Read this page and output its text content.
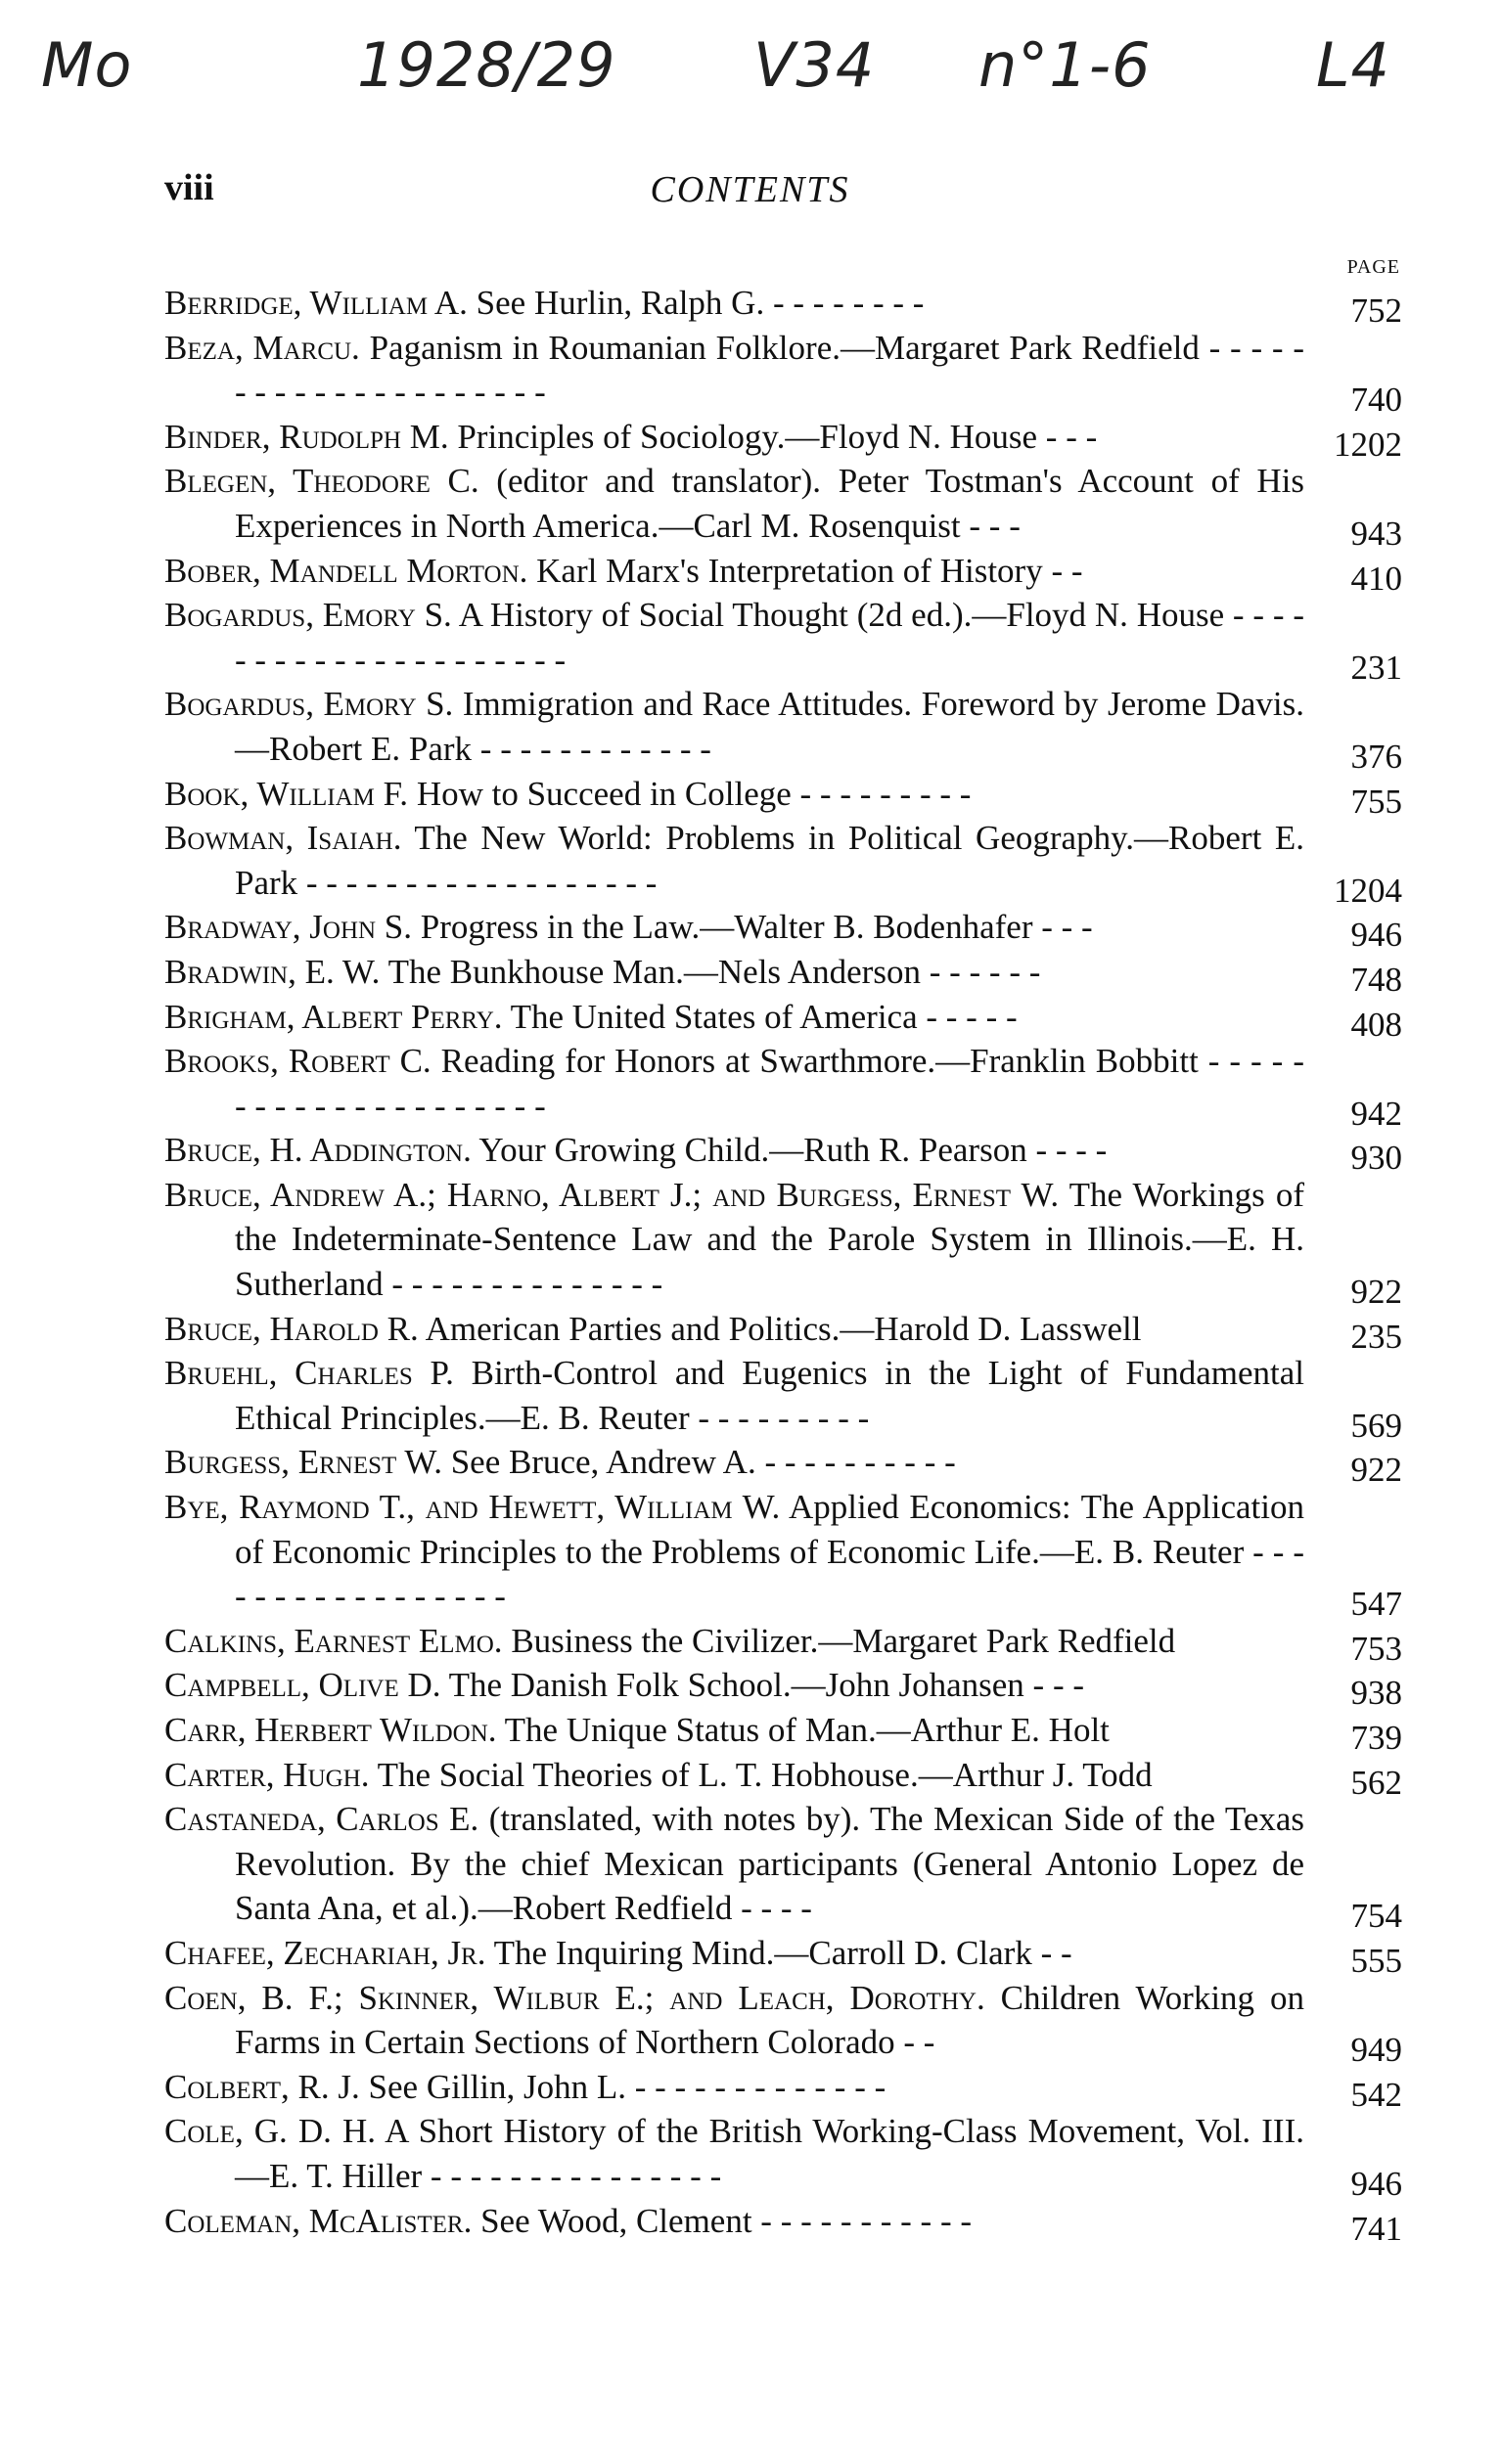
Mo	1928/29 V34 n°1-6	L4
viii	CONTENTS
PAGE
Berridge, William A. See Hurlin, Ralph G. - - - - - - - -	752
Beza, Marcu. Paganism in Roumanian Folklore.—Margaret Park Redfield - - - - - - - - - - - - - - - - - - - - -	740
Binder, Rudolph M. Principles of Sociology.—Floyd N. House - - -	1202
Blegen, Theodore C. (editor and translator). Peter Tostman's Account of His Experiences in North America.—Carl M. Rosenquist - - -	943
Bober, Mandell Morton. Karl Marx's Interpretation of History - -	410
Bogardus, Emory S. A History of Social Thought (2d ed.).—Floyd N. House - - - - - - - - - - - - - - - - - - - - -	231
Bogardus, Emory S. Immigration and Race Attitudes. Foreword by Jerome Davis.—Robert E. Park - - - - - - - - - - - -	376
Book, William F. How to Succeed in College - - - - - - - - -	755
Bowman, Isaiah. The New World: Problems in Political Geography.—Robert E. Park - - - - - - - - - - - - - - - - - -	1204
Bradway, John S. Progress in the Law.—Walter B. Bodenhafer - - -	946
Bradwin, E. W. The Bunkhouse Man.—Nels Anderson - - - - - -	748
Brigham, Albert Perry. The United States of America - - - - -	408
Brooks, Robert C. Reading for Honors at Swarthmore.—Franklin Bobbitt - - - - - - - - - - - - - - - - - - - - -	942
Bruce, H. Addington. Your Growing Child.—Ruth R. Pearson - - - -	930
Bruce, Andrew A.; Harno, Albert J.; and Burgess, Ernest W. The Workings of the Indeterminate-Sentence Law and the Parole System in Illinois.—E. H. Sutherland - - - - - - - - - - - - - -	922
Bruce, Harold R. American Parties and Politics.—Harold D. Lasswell	235
Bruehl, Charles P. Birth-Control and Eugenics in the Light of Fundamental Ethical Principles.—E. B. Reuter - - - - - - - - -	569
Burgess, Ernest W. See Bruce, Andrew A. - - - - - - - - - -	922
Bye, Raymond T., and Hewett, William W. Applied Economics: The Application of Economic Principles to the Problems of Economic Life.—E. B. Reuter - - - - - - - - - - - - - - - - -	547
Calkins, Earnest Elmo. Business the Civilizer.—Margaret Park Redfield	753
Campbell, Olive D. The Danish Folk School.—John Johansen - - -	938
Carr, Herbert Wildon. The Unique Status of Man.—Arthur E. Holt	739
Carter, Hugh. The Social Theories of L. T. Hobhouse.—Arthur J. Todd	562
Castaneda, Carlos E. (translated, with notes by). The Mexican Side of the Texas Revolution. By the chief Mexican participants (General Antonio Lopez de Santa Ana, et al.).—Robert Redfield - - - -	754
Chafee, Zechariah, Jr. The Inquiring Mind.—Carroll D. Clark - -	555
Coen, B. F.; Skinner, Wilbur E.; and Leach, Dorothy. Children Working on Farms in Certain Sections of Northern Colorado - -	949
Colbert, R. J. See Gillin, John L. - - - - - - - - - - - - -	542
Cole, G. D. H. A Short History of the British Working-Class Movement, Vol. III.—E. T. Hiller - - - - - - - - - - - - - - -	946
Coleman, McAlister. See Wood, Clement - - - - - - - - - - -	741
